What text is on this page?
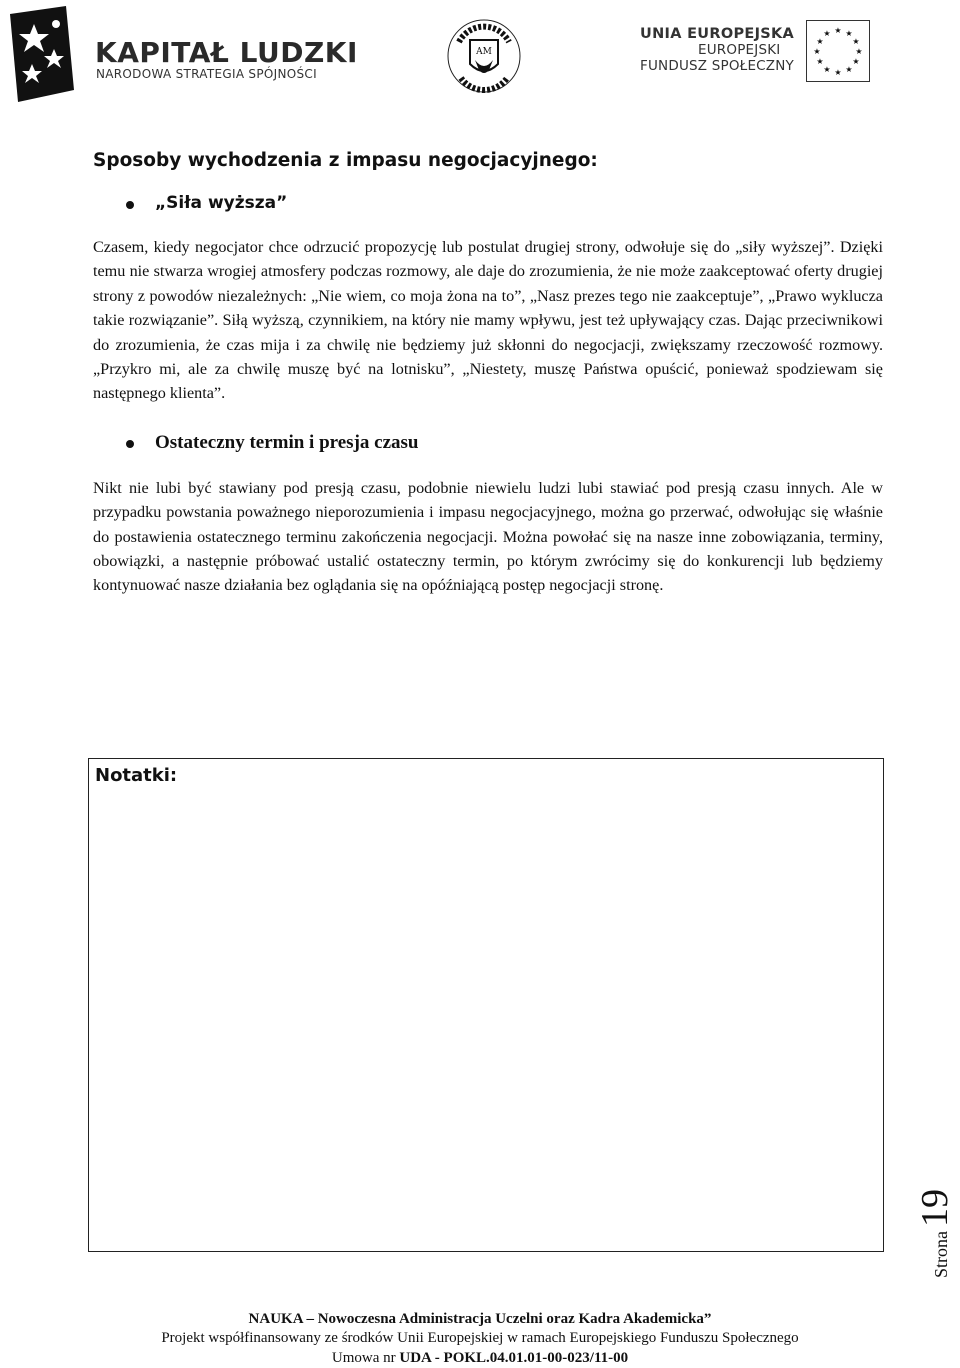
KAPITAŁ LUDZKI
NARODOWA STRATEGIA SPÓJNOŚCI
AM
UNIA EUROPEJSKA
EUROPEJSKI
FUNDUSZ SPOŁECZNY
★ ★
★
★
★
★
★
★
★
★
★
★
Sposoby wychodzenia z impasu negocjacyjnego:
„Siła wyższa”

Czasem, kiedy negocjator chce odrzucić propozycję lub postulat drugiej strony, odwołuje się do „siły wyższej”. Dzięki temu nie stwarza wrogiej atmosfery podczas rozmowy, ale daje do zrozumienia, że nie może zaakceptować oferty drugiej strony z powodów niezależnych: „Nie wiem, co moja żona na to”, „Nasz prezes tego nie zaakceptuje”, „Prawo wyklucza takie rozwiązanie”. Siłą wyższą, czynnikiem, na który nie mamy wpływu, jest też upływający czas. Dając przeciwnikowi do zrozumienia, że czas mija i za chwilę nie będziemy już skłonni do negocjacji, zwiększamy rzeczowość rozmowy. „Przykro mi, ale za chwilę muszę być na lotnisku”, „Niestety, muszę Państwa opuścić, ponieważ spodziewam się następnego klienta”.

Ostateczny termin i presja czasu

Nikt nie lubi być stawiany pod presją czasu, podobnie niewielu ludzi lubi stawiać pod presją czasu innych. Ale w przypadku powstania poważnego nieporozumienia i impasu negocjacyjnego, można go przerwać, odwołując się właśnie do postawienia ostatecznego terminu zakończenia negocjacji. Można powołać się na nasze inne zobowiązania, terminy, obowiązki, a następnie próbować ustalić ostateczny termin, po którym zwrócimy się do konkurencji lub będziemy kontynuować nasze działania bez oglądania się na opóźniającą postęp negocjacji stronę.

Notatki:
Strona19
NAUKA – Nowoczesna Administracja Uczelni oraz Kadra Akademicka”
Projekt współfinansowany ze środków Unii Europejskiej w ramach Europejskiego Funduszu Społecznego
Umowa nr UDA - POKL.04.01.01-00-023/11-00
